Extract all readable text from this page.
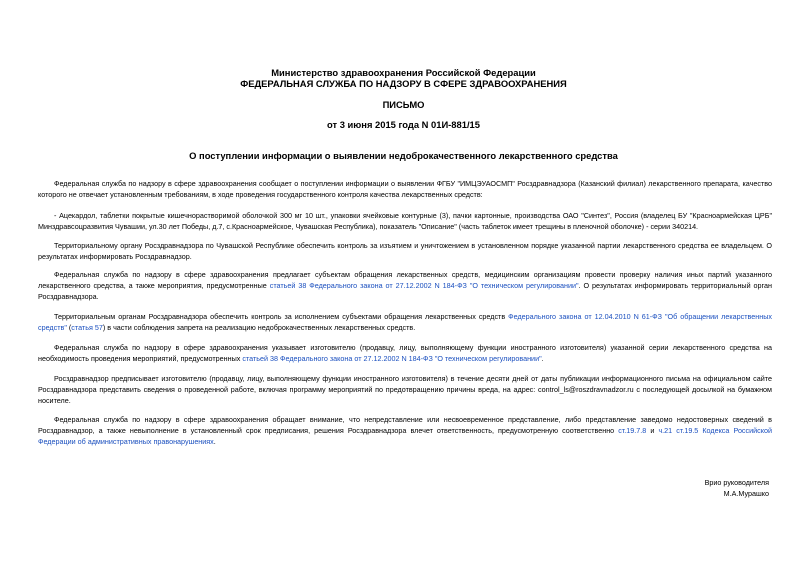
Министерство здравоохранения Российской Федерации
ФЕДЕРАЛЬНАЯ СЛУЖБА ПО НАДЗОРУ В СФЕРЕ ЗДРАВООХРАНЕНИЯ
ПИСЬМО
от 3 июня 2015 года N 01И-881/15
О поступлении информации о выявлении недоброкачественного лекарственного средства
Федеральная служба по надзору в сфере здравоохранения сообщает о поступлении информации о выявлении ФГБУ "ИМЦЭУАОСМП" Росздравнадзора (Казанский филиал) лекарственного препарата, качество которого не отвечает установленным требованиям, в ходе проведения государственного контроля качества лекарственных средств:
- Ацекардол, таблетки покрытые кишечнорастворимой оболочкой 300 мг 10 шт., упаковки ячейковые контурные (3), пачки картонные, производства ОАО "Синтез", Россия (владелец БУ "Красноармейская ЦРБ" Минздравсоцразвития Чувашии, ул.30 лет Победы, д.7, с.Красноармейское, Чувашская Республика), показатель "Описание" (часть таблеток имеет трещины в пленочной оболочке) - серии 340214.
Территориальному органу Росздравнадзора по Чувашской Республике обеспечить контроль за изъятием и уничтожением в установленном порядке указанной партии лекарственного средства ее владельцем. О результатах информировать Росздравнадзор.
Федеральная служба по надзору в сфере здравоохранения предлагает субъектам обращения лекарственных средств, медицинским организациям провести проверку наличия иных партий указанного лекарственного средства, а также мероприятия, предусмотренные статьей 38 Федерального закона от 27.12.2002 N 184-ФЗ "О техническом регулировании". О результатах информировать территориальный орган Росздравнадзора.
Территориальным органам Росздравнадзора обеспечить контроль за исполнением субъектами обращения лекарственных средств Федерального закона от 12.04.2010 N 61-ФЗ "Об обращении лекарственных средств" (статья 57) в части соблюдения запрета на реализацию недоброкачественных лекарственных средств.
Федеральная служба по надзору в сфере здравоохранения указывает изготовителю (продавцу, лицу, выполняющему функции иностранного изготовителя) указанной серии лекарственного средства на необходимость проведения мероприятий, предусмотренных статьей 38 Федерального закона от 27.12.2002 N 184-ФЗ "О техническом регулировании".
Росздравнадзор предписывает изготовителю (продавцу, лицу, выполняющему функции иностранного изготовителя) в течение десяти дней от даты публикации информационного письма на официальном сайте Росздравнадзора представить сведения о проведенной работе, включая программу мероприятий по предотвращению причины вреда, на адрес: control_ls@roszdravnadzor.ru с последующей досылкой на бумажном носителе.
Федеральная служба по надзору в сфере здравоохранения обращает внимание, что непредставление или несвоевременное представление, либо представление заведомо недостоверных сведений в Росздравнадзор, а также невыполнение в установленный срок предписания, решения Росздравнадзора влечет ответственность, предусмотренную соответственно ст.19.7.8 и ч.21 ст.19.5 Кодекса Российской Федерации об административных правонарушениях.
Врио руководителя
М.А.Мурашко
